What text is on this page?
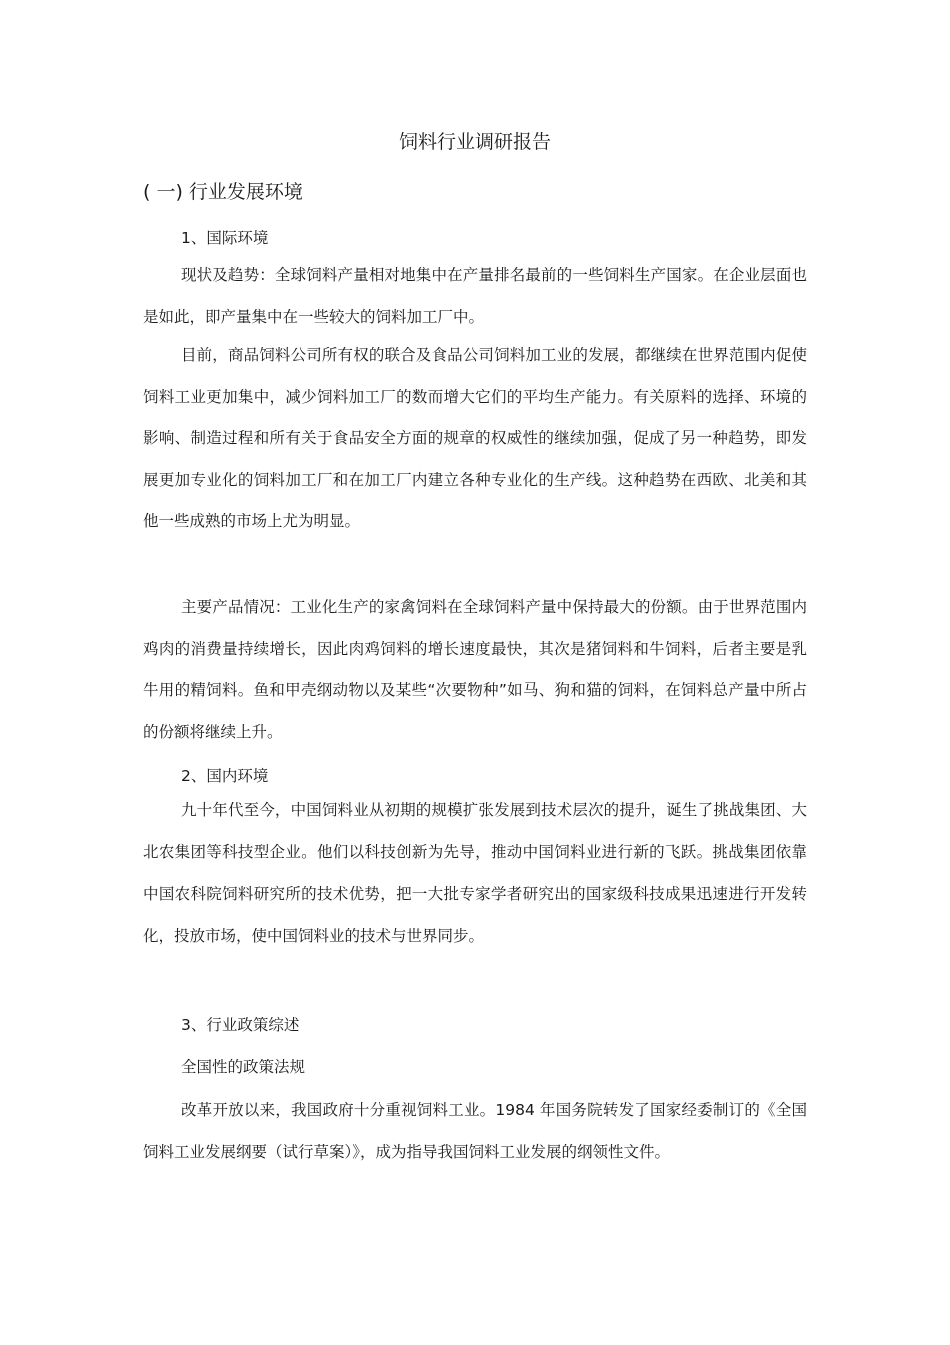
饲料行业调研报告
( 一) 行业发展环境
1、国际环境

现状及趋势：全球饲料产量相对地集中在产量排名最前的一些饲料生产国家。在企业层面也是如此，即产量集中在一些较大的饲料加工厂中。

目前，商品饲料公司所有权的联合及食品公司饲料加工业的发展，都继续在世界范围内促使饲料工业更加集中，减少饲料加工厂的数而增大它们的平均生产能力。有关原料的选择、环境的影响、制造过程和所有关于食品安全方面的规章的权威性的继续加强，促成了另一种趋势，即发展更加专业化的饲料加工厂和在加工厂内建立各种专业化的生产线。这种趋势在西欧、北美和其他一些成熟的市场上尤为明显。

主要产品情况：工业化生产的家禽饲料在全球饲料产量中保持最大的份额。由于世界范围内鸡肉的消费量持续增长，因此肉鸡饲料的增长速度最快，其次是猪饲料和牛饲料，后者主要是乳牛用的精饲料。鱼和甲壳纲动物以及某些“次要物种”如马、狗和猫的饲料，在饲料总产量中所占的份额将继续上升。

2、国内环境

九十年代至今，中国饲料业从初期的规模扩张发展到技术层次的提升，诞生了挑战集团、大北农集团等科技型企业。他们以科技创新为先导，推动中国饲料业进行新的飞跃。挑战集团依靠中国农科院饲料研究所的技术优势，把一大批专家学者研究出的国家级科技成果迅速进行开发转化，投放市场，使中国饲料业的技术与世界同步。

3、行业政策综述
全国性的政策法规

改革开放以来，我国政府十分重视饲料工业。1984 年国务院转发了国家经委制订的《全国饲料工业发展纲要（试行草案）》，成为指导我国饲料工业发展的纲领性文件。
